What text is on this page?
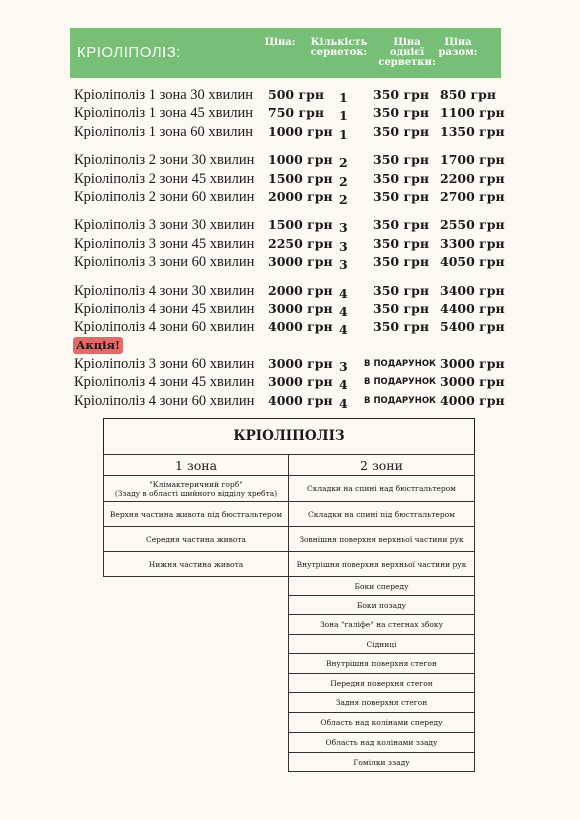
КРІОЛІПОЛІЗ:
Ціна: Кількість
серветок:
Ціна
однієї
серветки:
Ціна
разом:
Кріоліполіз 1 зона 30 хвилин 500 грн 1 350 грн 850 грн
Кріоліполіз 1 зона 45 хвилин 750 грн 1 350 грн 1100 грн
Кріоліполіз 1 зона 60 хвилин 1000 грн 1 350 грн 1350 грн
Кріоліполіз 2 зони 30 хвилин 1000 грн 2 350 грн 1700 грн
Кріоліполіз 2 зони 45 хвилин 1500 грн 2 350 грн 2200 грн
Кріоліполіз 2 зони 60 хвилин 2000 грн 2 350 грн 2700 грн
Кріоліполіз 3 зони 30 хвилин 1500 грн 3 350 грн 2550 грн
Кріоліполіз 3 зони 45 хвилин 2250 грн 3 350 грн 3300 грн
Кріоліполіз 3 зони 60 хвилин 3000 грн 3 350 грн 4050 грн
Кріоліполіз 4 зони 30 хвилин 2000 грн 4 350 грн 3400 грн
Кріоліполіз 4 зони 45 хвилин 3000 грн 4 350 грн 4400 грн
Кріоліполіз 4 зони 60 хвилин 4000 грн 4 350 грн 5400 грн
Акція!
Кріоліполіз 3 зони 60 хвилин 3000 грн 3 В ПОДАРУНОК 3000 грн
Кріоліполіз 4 зони 45 хвилин 3000 грн 4 В ПОДАРУНОК 3000 грн
Кріоліполіз 4 зони 60 хвилин 4000 грн 4 В ПОДАРУНОК 4000 грн
КРІОЛІПОЛІЗ
1 зона	2 зони
"Клімактеричний горб"
(Ззаду в області шийного відділу хребта)
Верхня частина живота під бюстгальтером
Середня частина живота
Нижня частина живота
Складки на спині над бюстгальтером
Складки на спині під бюстгальтером
Зовнішня поверхня верхньої частини рук
Внутрішня поверхня верхньої частини рук
Боки спереду
Боки позаду
Зона "галіфе" на стегнах збоку
Сідниці
Внутрішня поверхня стегон
Передня поверхня стегон
Задня поверхня стегон
Область над колінами спереду
Область над колінами ззаду
Гомілки ззаду
